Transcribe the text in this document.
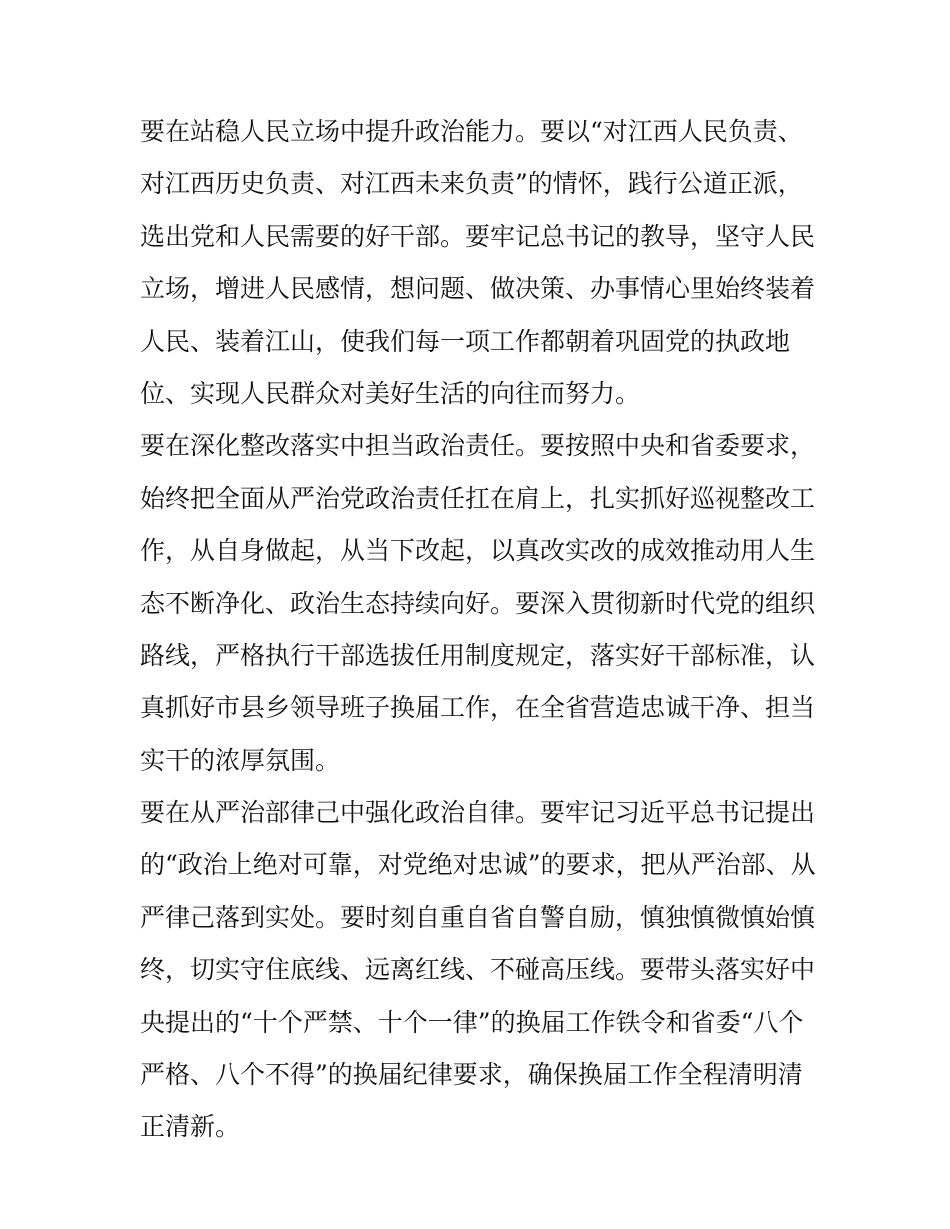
要在站稳人民立场中提升政治能力。要以“对江西人民负责、
对江西历史负责、对江西未来负责”的情怀，践行公道正派，
选出党和人民需要的好干部。要牢记总书记的教导，坚守人民
立场，增进人民感情，想问题、做决策、办事情心里始终装着
人民、装着江山，使我们每一项工作都朝着巩固党的执政地
位、实现人民群众对美好生活的向往而努力。

要在深化整改落实中担当政治责任。要按照中央和省委要求，
始终把全面从严治党政治责任扛在肩上，扎实抓好巡视整改工
作，从自身做起，从当下改起，以真改实改的成效推动用人生
态不断净化、政治生态持续向好。要深入贯彻新时代党的组织
路线，严格执行干部选拔任用制度规定，落实好干部标准，认
真抓好市县乡领导班子换届工作，在全省营造忠诚干净、担当
实干的浓厚氛围。

要在从严治部律己中强化政治自律。要牢记习近平总书记提出
的“政治上绝对可靠，对党绝对忠诚”的要求，把从严治部、从
严律己落到实处。要时刻自重自省自警自励，慎独慎微慎始慎
终，切实守住底线、远离红线、不碰高压线。要带头落实好中
央提出的“十个严禁、十个一律”的换届工作铁令和省委“八个
严格、八个不得”的换届纪律要求，确保换届工作全程清明清
正清新。
